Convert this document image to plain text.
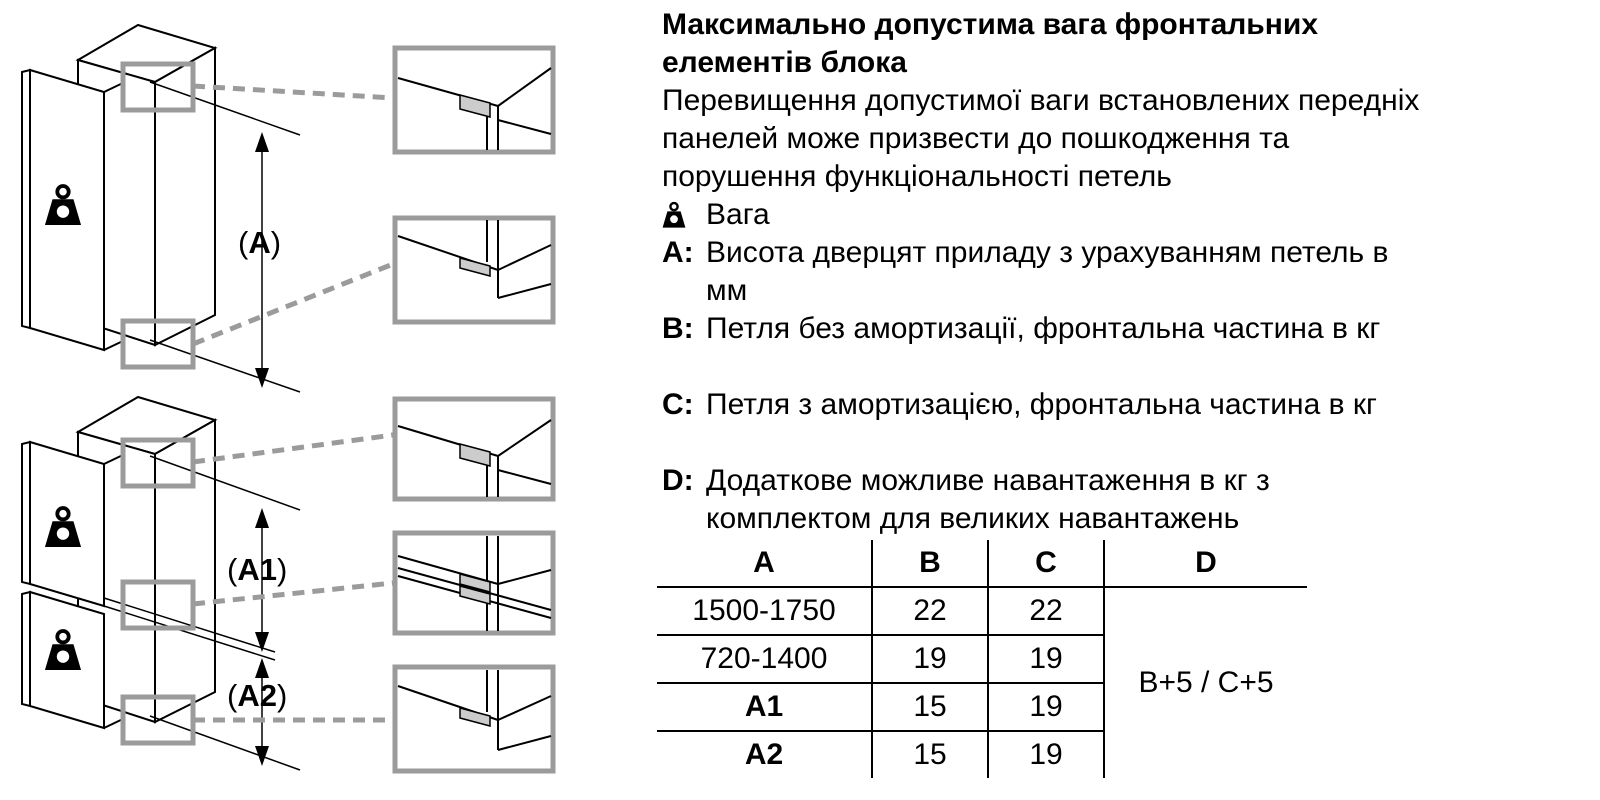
(A)
(A1)
(A2)
Максимально допустима вага фронтальних
елементів блока
Перевищення допустимої ваги встановлених передніх
панелей може призвести до пошкодження та
порушення функціональності петель
Вага
A: Висота дверцят приладу з урахуванням петель в
мм
B: Петля без амортизації, фронтальна частина в кг
C: Петля з амортизацією, фронтальна частина в кг
D: Додаткове можливе навантаження в кг з
комплектом для великих навантажень
A	B	C	D
1500-1750	22	22	B+5 / C+5
720-1400	19	19	
A1	15	19	
A2	15	19	
